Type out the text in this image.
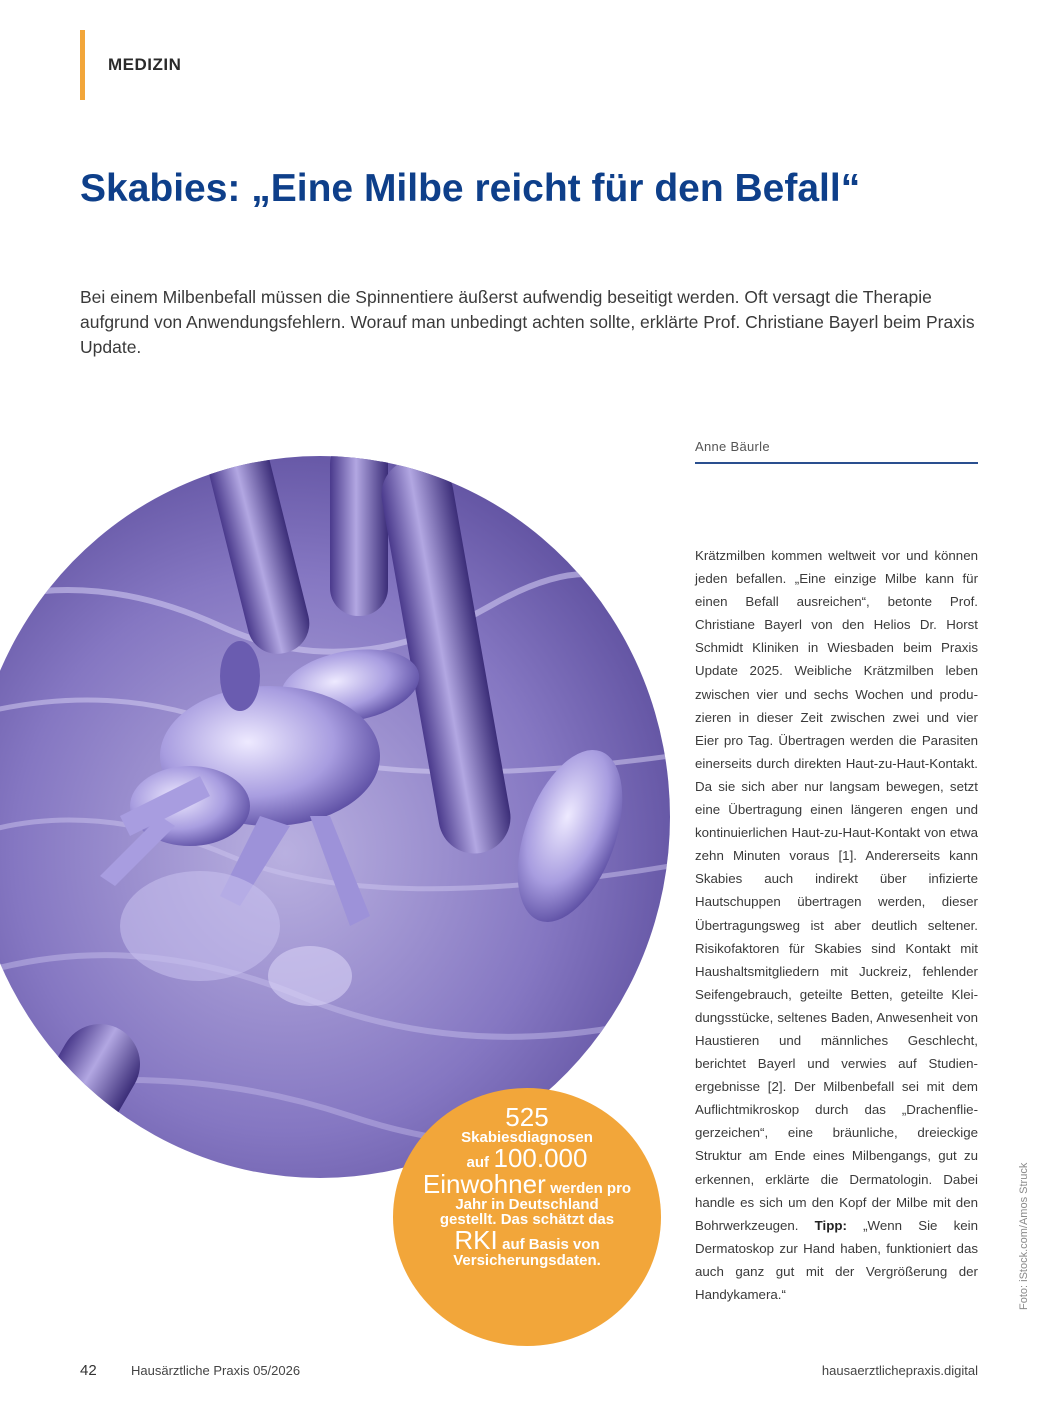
MEDIZIN
Skabies: „Eine Milbe reicht für den Befall“

Bei einem Milbenbefall müssen die Spinnentiere äußerst aufwendig beseitigt werden. Oft versagt die Therapie aufgrund von Anwendungsfehlern. Worauf man unbedingt achten sollte, erklärte Prof. Christiane Bayerl beim Praxis Update.

Anne Bäurle

Krätzmilben kommen weltweit vor und können jeden befallen. „Eine einzige Milbe kann für einen Befall ausreichen“, betonte Prof. Christiane Bayerl von den Helios Dr. Horst Schmidt Kliniken in Wiesbaden beim Praxis Update 2025. Weibliche Krätzmilben leben zwischen vier und sechs Wochen und produzieren in dieser Zeit zwischen zwei und vier Eier pro Tag. Übertragen werden die Parasiten einerseits durch direkten Haut-zu-Haut-Kontakt. Da sie sich aber nur langsam bewegen, setzt eine Übertragung einen längeren engen und kontinuierlichen Haut-zu-Haut-Kontakt von etwa zehn Minuten voraus [1]. Andererseits kann Skabies auch indirekt über infizierte Hautschuppen übertragen werden, dieser Übertragungsweg ist aber deutlich seltener. Risikofaktoren für Skabies sind Kontakt mit Haushaltsmitgliedern mit Juckreiz, fehlender Seifengebrauch, geteilte Betten, geteilte Kleidungsstücke, seltenes Baden, Anwesenheit von Haustieren und männliches Geschlecht, berichtet Bayerl und verwies auf Studienergebnisse [2]. Der Milbenbefall sei mit dem Auflichtmikroskop durch das „Drachenfliegerzeichen“, eine bräunliche, dreieckige Struktur am Ende eines Milbengangs, gut zu erkennen, erklärte die Dermatologin. Dabei handle es sich um den Kopf der Milbe mit den Bohrwerkzeugen. Tipp: „Wenn Sie kein Dermatoskop zur Hand haben, funktioniert das auch ganz gut mit der Vergrößerung der Handykamera.“

525
Skabiesdiagnosen
auf 100.000
Einwohner werden pro
Jahr in Deutschland
gestellt. Das schätzt das
RKI auf Basis von
Versicherungsdaten.	Foto: iStock.com/Amos Struck
42	Hausärztliche Praxis 05/2026	hausaerztlichepraxis.digital
